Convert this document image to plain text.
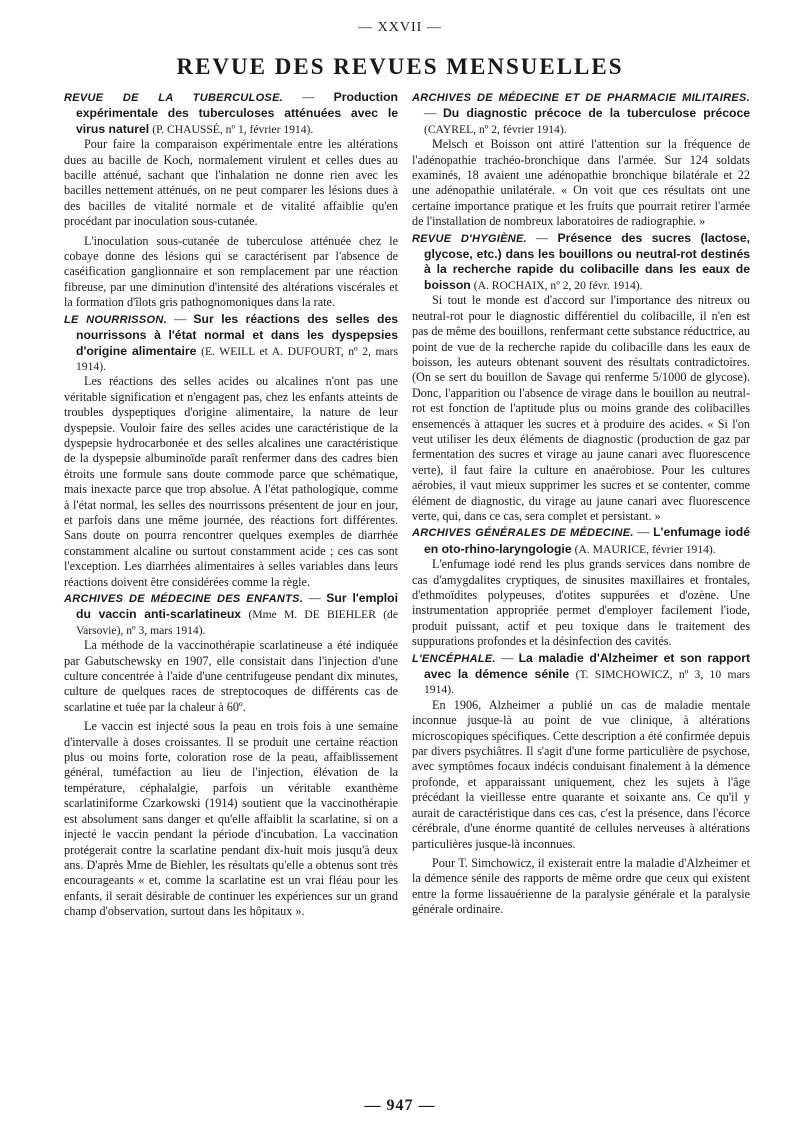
— XXVII —
REVUE DES REVUES MENSUELLES

REVUE DE LA TUBERCULOSE. — Production expérimentale des tuberculoses atténuées avec le virus naturel (P. CHAUSSÉ, nº 1, février 1914).

Pour faire la comparaison expérimentale entre les altérations dues au bacille de Koch, normalement virulent et celles dues au bacille atténué, sachant que l'inhalation ne donne rien avec les bacilles nettement atténués, on ne peut comparer les lésions dues à des bacilles de vitalité normale et de vitalité affaiblie qu'en procédant par inoculation sous-cutanée.

L'inoculation sous-cutanée de tuberculose atténuée chez le cobaye donne des lésions qui se caractérisent par l'absence de caséification ganglionnaire et son remplacement par une réaction fibreuse, par une diminution d'intensité des altérations viscérales et la formation d'îlots gris pathognomoniques dans la rate.

LE NOURRISSON. — Sur les réactions des selles des nourrissons à l'état normal et dans les dyspepsies d'origine alimentaire (E. WEILL et A. DUFOURT, nº 2, mars 1914).

Les réactions des selles acides ou alcalines n'ont pas une véritable signification et n'engagent pas, chez les enfants atteints de troubles dyspeptiques d'origine alimentaire, la nature de leur dyspepsie. Vouloir faire des selles acides une caractéristique de la dyspepsie hydrocarbonée et des selles alcalines une caractéristique de la dyspepsie albuminoïde paraît renfermer dans des cadres bien étroits une formule sans doute commode parce que schématique, mais inexacte parce que trop absolue. A l'état pathologique, comme à l'état normal, les selles des nourrissons présentent de jour en jour, et parfois dans une même journée, des réactions fort différentes. Sans doute on pourra rencontrer quelques exemples de diarrhée constamment alcaline ou surtout constamment acide ; ces cas sont l'exception. Les diarrhées alimentaires à selles variables dans leurs réactions doivent être considérées comme la règle.

ARCHIVES DE MÉDECINE DES ENFANTS. — Sur l'emploi du vaccin anti-scarlatineux (Mme M. DE BIEHLER (de Varsovie), nº 3, mars 1914).

La méthode de la vaccinothérapie scarlatineuse a été indiquée par Gabutschewsky en 1907, elle consistait dans l'injection d'une culture concentrée à l'aide d'une centrifugeuse pendant dix minutes, culture de quelques races de streptocoques de différents cas de scarlatine et tuée par la chaleur à 60º.

Le vaccin est injecté sous la peau en trois fois à une semaine d'intervalle à doses croissantes. Il se produit une certaine réaction plus ou moins forte, coloration rose de la peau, affaiblissement général, tuméfaction au lieu de l'injection, élévation de la température, céphalalgie, parfois un véritable exanthème scarlatiniforme Czarkowski (1914) soutient que la vaccinothérapie est absolument sans danger et qu'elle affaiblit la scarlatine, si on a injecté le vaccin pendant la période d'incubation. La vaccination protégerait contre la scarlatine pendant dix-huit mois jusqu'à deux ans. D'après Mme de Biehler, les résultats qu'elle a obtenus sont très encourageants « et, comme la scarlatine est un vrai fléau pour les enfants, il serait désirable de continuer les expériences sur un grand champ d'observation, surtout dans les hôpitaux ».

ARCHIVES DE MÉDECINE ET DE PHARMACIE MILITAIRES. — Du diagnostic précoce de la tuberculose précoce (CAYREL, nº 2, février 1914).

Melsch et Boisson ont attiré l'attention sur la fréquence de l'adénopathie trachéo-bronchique dans l'armée. Sur 124 soldats examinés, 18 avaient une adénopathie bronchique bilatérale et 22 une adénopathie unilatérale. « On voit que ces résultats ont une certaine importance pratique et les fruits que pourrait retirer l'armée de l'installation de nombreux laboratoires de radiographie. »

REVUE D'HYGIÈNE. — Présence des sucres (lactose, glycose, etc.) dans les bouillons ou neutral-rot destinés à la recherche rapide du colibacille dans les eaux de boisson (A. ROCHAIX, nº 2, 20 févr. 1914).

Si tout le monde est d'accord sur l'importance des nitreux ou neutral-rot pour le diagnostic différentiel du colibacille, il n'en est pas de même des bouillons, renfermant cette substance réductrice, au point de vue de la recherche rapide du colibacille dans les eaux de boisson, les auteurs obtenant souvent des résultats contradictoires. (On se sert du bouillon de Savage qui renferme 5/1000 de glycose). Donc, l'apparition ou l'absence de virage dans le bouillon au neutral-rot est fonction de l'aptitude plus ou moins grande des colibacilles ensemencés à attaquer les sucres et à produire des acides. « Si l'on veut utiliser les deux éléments de diagnostic (production de gaz par fermentation des sucres et virage au jaune canari avec fluorescence verte), il faut faire la culture en anaérobiose. Pour les cultures aérobies, il vaut mieux supprimer les sucres et se contenter, comme élément de diagnostic, du virage au jaune canari avec fluorescence verte, qui, dans ce cas, sera complet et persistant. »

ARCHIVES GÉNÉRALES DE MÉDECINE. — L'enfumage iodé en oto-rhino-laryngologie (A. MAURICE, février 1914).

L'enfumage iodé rend les plus grands services dans nombre de cas d'amygdalites cryptiques, de sinusites maxillaires et frontales, d'ethmoïdites polypeuses, d'otites suppurées et d'ozène. Une instrumentation appropriée permet d'employer facilement l'iode, produit puissant, actif et peu toxique dans le traitement des suppurations profondes et la désinfection des cavités.

L'ENCÉPHALE. — La maladie d'Alzheimer et son rapport avec la démence sénile (T. SIMCHOWICZ, nº 3, 10 mars 1914).

En 1906, Alzheimer a publié un cas de maladie mentale inconnue jusque-là au point de vue clinique, à altérations microscopiques spécifiques. Cette description a été confirmée depuis par divers psychiâtres. Il s'agit d'une forme particulière de psychose, avec symptômes focaux indécis conduisant finalement à la démence profonde, et apparaissant uniquement, chez les sujets à l'âge précédant la vieillesse entre quarante et soixante ans. Ce qu'il y aurait de caractéristique dans ces cas, c'est la présence, dans l'écorce cérébrale, d'une énorme quantité de cellules nerveuses à altérations particulières jusque-là inconnues.

Pour T. Simchowicz, il existerait entre la maladie d'Alzheimer et la démence sénile des rapports de même ordre que ceux qui existent entre la forme lissauérienne de la paralysie générale et la paralysie générale ordinaire.

— 947 —
